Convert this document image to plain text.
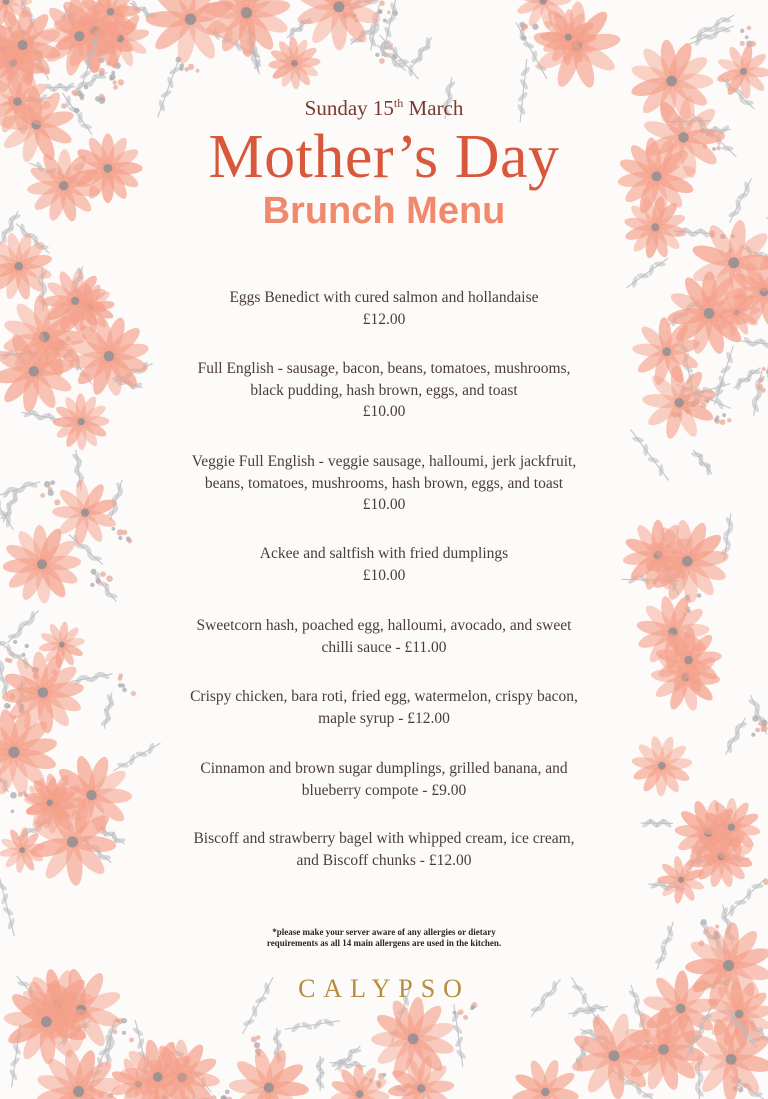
Sunday 15th March
Mother’s Day
Brunch Menu
Eggs Benedict with cured salmon and hollandaise
£12.00
Full English - sausage, bacon, beans, tomatoes, mushrooms,
black pudding, hash brown, eggs, and toast
£10.00
Veggie Full English - veggie sausage, halloumi, jerk jackfruit,
beans, tomatoes, mushrooms, hash brown, eggs, and toast
£10.00
Ackee and saltfish with fried dumplings
£10.00
Sweetcorn hash, poached egg, halloumi, avocado, and sweet
chilli sauce - £11.00
Crispy chicken, bara roti, fried egg, watermelon, crispy bacon,
maple syrup - £12.00
Cinnamon and brown sugar dumplings, grilled banana, and
blueberry compote - £9.00
Biscoff and strawberry bagel with whipped cream, ice cream,
and Biscoff chunks - £12.00
*please make your server aware of any allergies or dietary
requirements as all 14 main allergens are used in the kitchen.
CALYPSO
